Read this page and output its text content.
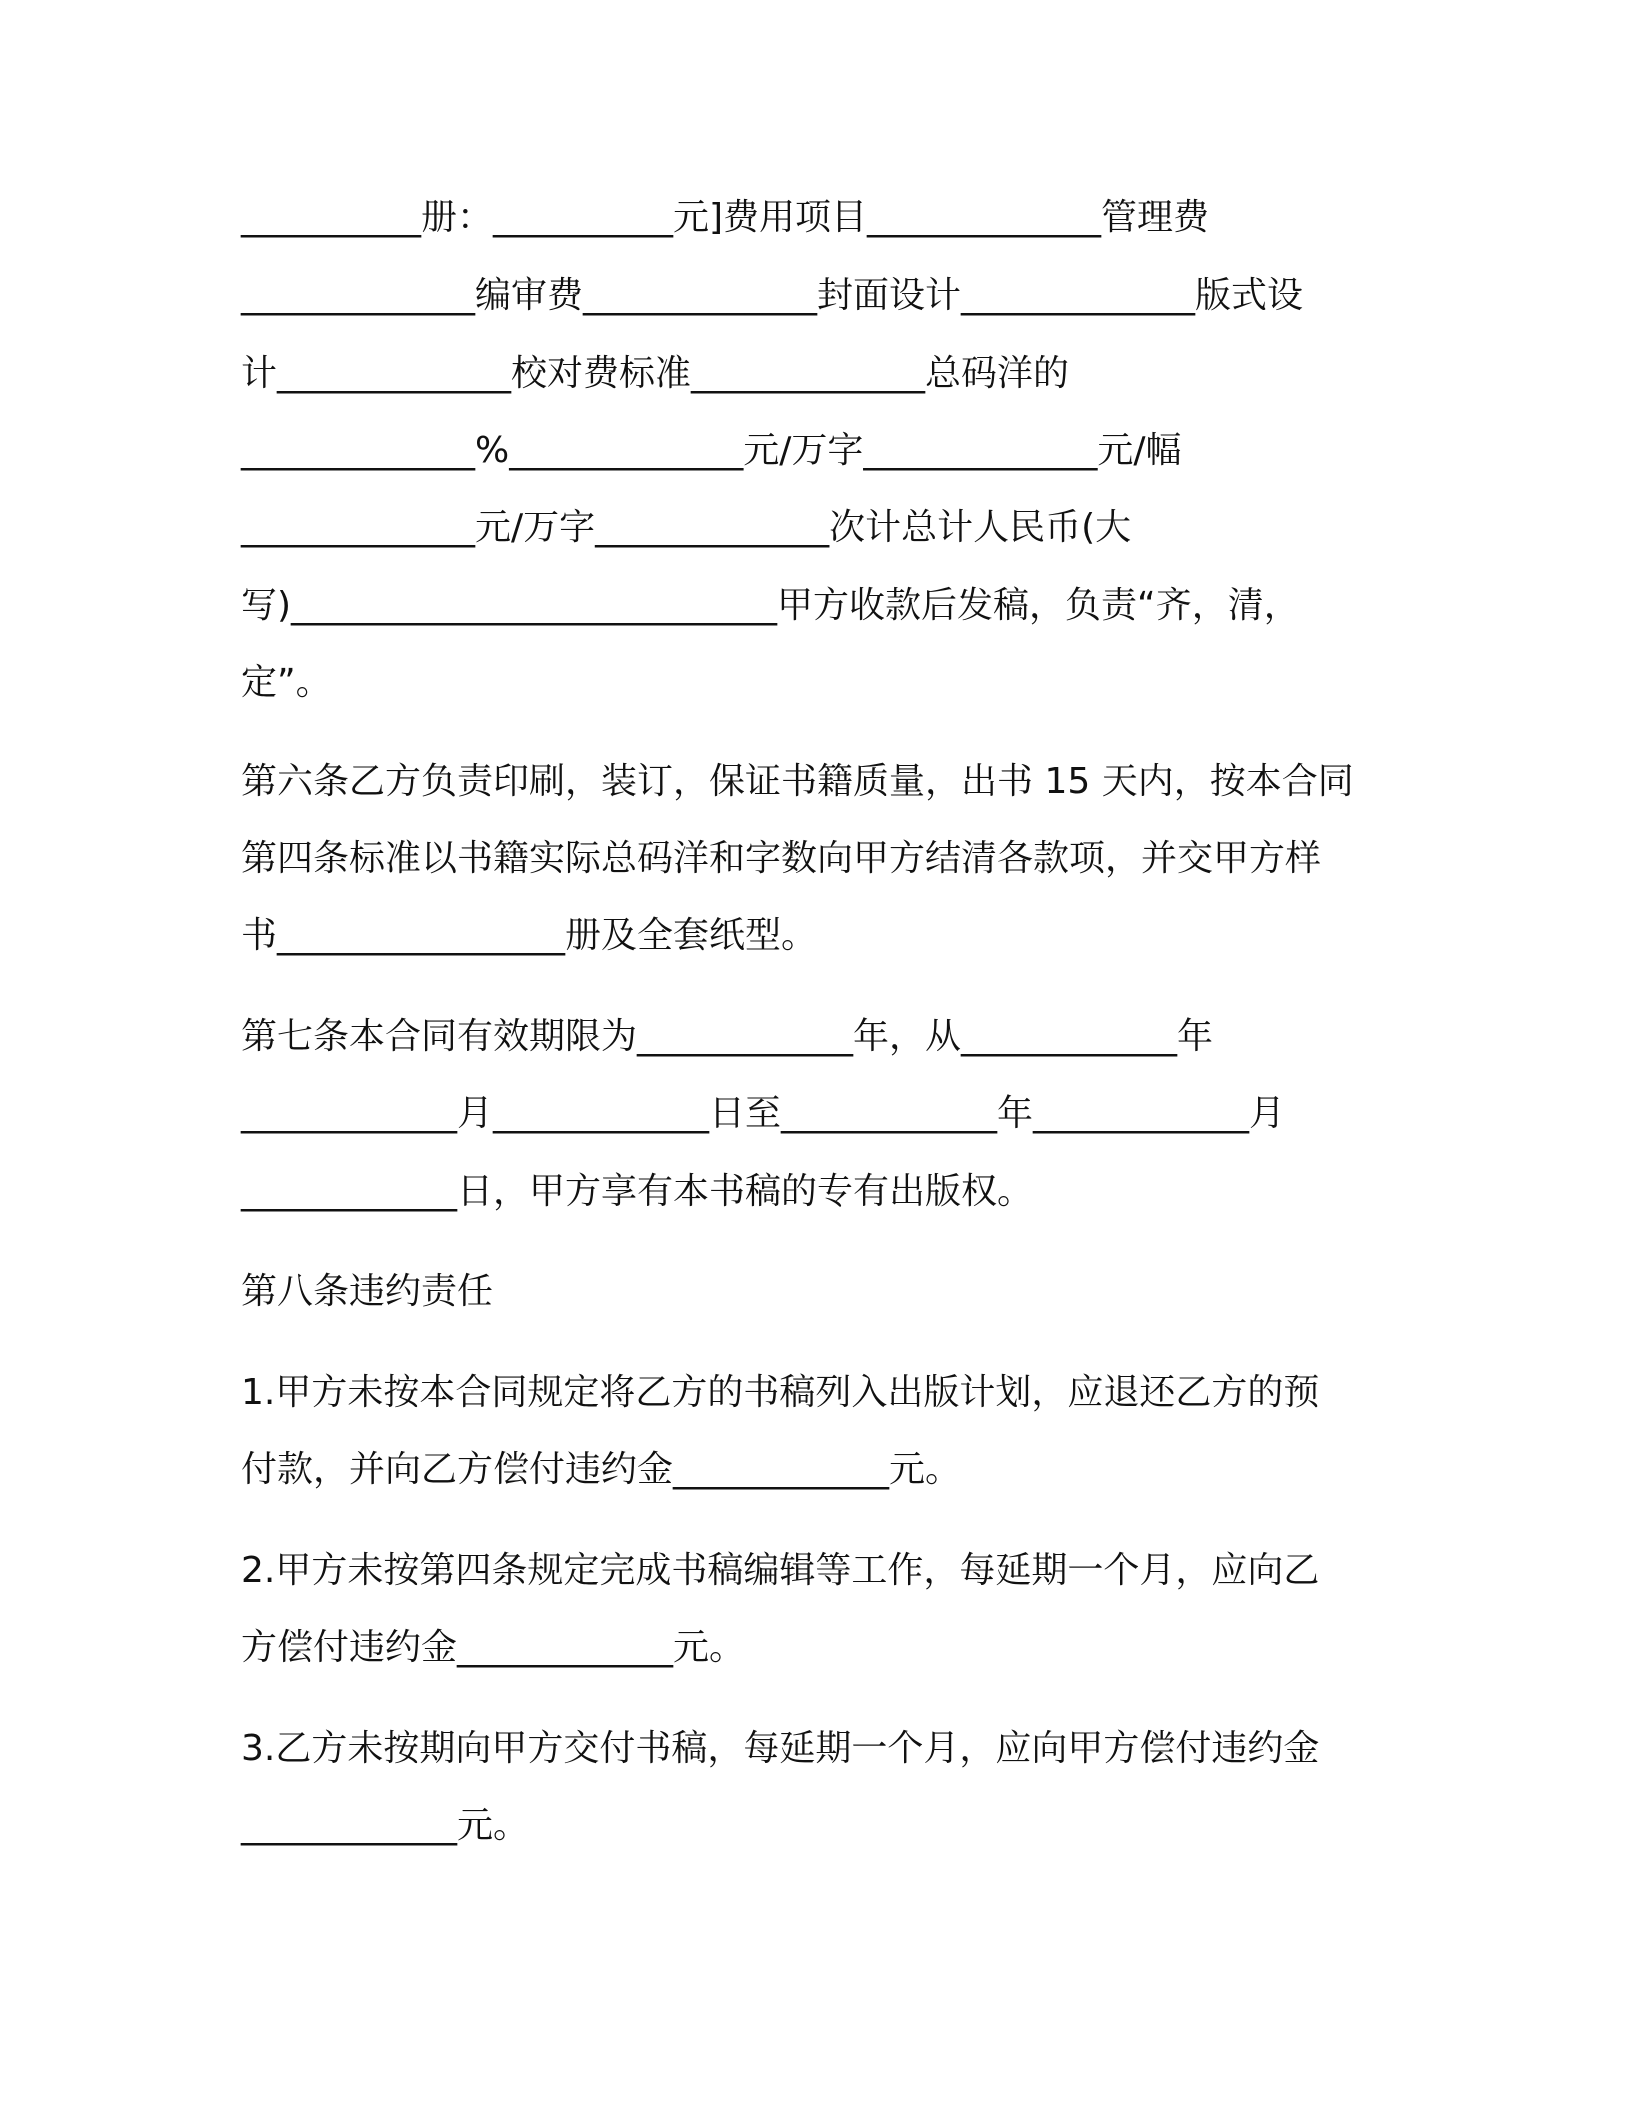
__________册：__________元]费用项目_____________管理费
_____________编审费_____________封面设计_____________版式设
计_____________校对费标准_____________总码洋的
_____________%_____________元/万字_____________元/幅
_____________元/万字_____________次计总计人民币(大
写)___________________________甲方收款后发稿，负责“齐，清，
定”。
第六条乙方负责印刷，装订，保证书籍质量，出书 15 天内，按本合同
第四条标准以书籍实际总码洋和字数向甲方结清各款项，并交甲方样
书________________册及全套纸型。
第七条本合同有效期限为____________年，从____________年
____________月____________日至____________年____________月
____________日，甲方享有本书稿的专有出版权。
第八条违约责任
1.甲方未按本合同规定将乙方的书稿列入出版计划，应退还乙方的预
付款，并向乙方偿付违约金____________元。
2.甲方未按第四条规定完成书稿编辑等工作，每延期一个月，应向乙
方偿付违约金____________元。
3.乙方未按期向甲方交付书稿，每延期一个月，应向甲方偿付违约金
____________元。
